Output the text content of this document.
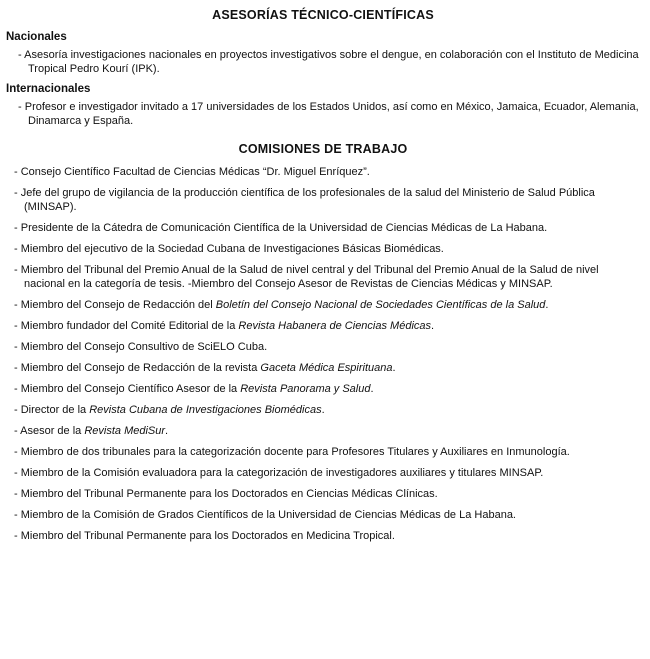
ASESORÍAS TÉCNICO-CIENTÍFICAS
Nacionales
- Asesoría investigaciones nacionales en proyectos investigativos sobre el dengue, en colaboración con el Instituto de Medicina Tropical Pedro Kourí (IPK).
Internacionales
- Profesor e investigador invitado a 17 universidades de los Estados Unidos, así como en México, Jamaica, Ecuador, Alemania, Dinamarca y España.
COMISIONES DE TRABAJO
- Consejo Científico Facultad de Ciencias Médicas “Dr. Miguel Enríquez”.
- Jefe del grupo de vigilancia de la producción científica de los profesionales de la salud del Ministerio de Salud Pública (MINSAP).
- Presidente de la Cátedra de Comunicación Científica de la Universidad de Ciencias Médicas de La Habana.
- Miembro del ejecutivo de la Sociedad Cubana de Investigaciones Básicas Biomédicas.
- Miembro del Tribunal del Premio Anual de la Salud de nivel central y del Tribunal del Premio Anual de la Salud de nivel nacional en la categoría de tesis. -Miembro del Consejo Asesor de Revistas de Ciencias Médicas y MINSAP.
- Miembro del Consejo de Redacción del Boletín del Consejo Nacional de Sociedades Científicas de la Salud.
- Miembro fundador del Comité Editorial de la Revista Habanera de Ciencias Médicas.
- Miembro del Consejo Consultivo de SciELO Cuba.
- Miembro del Consejo de Redacción de la revista Gaceta Médica Espirituana.
- Miembro del Consejo Científico Asesor de la Revista Panorama y Salud.
- Director de la Revista Cubana de Investigaciones Biomédicas.
- Asesor de la Revista MediSur.
- Miembro de dos tribunales para la categorización docente para Profesores Titulares y Auxiliares en Inmunología.
- Miembro de la Comisión evaluadora para la categorización de investigadores auxiliares y titulares MINSAP.
- Miembro del Tribunal Permanente para los Doctorados en Ciencias Médicas Clínicas.
- Miembro de la Comisión de Grados Científicos de la Universidad de Ciencias Médicas de La Habana.
- Miembro del Tribunal Permanente para los Doctorados en Medicina Tropical.
